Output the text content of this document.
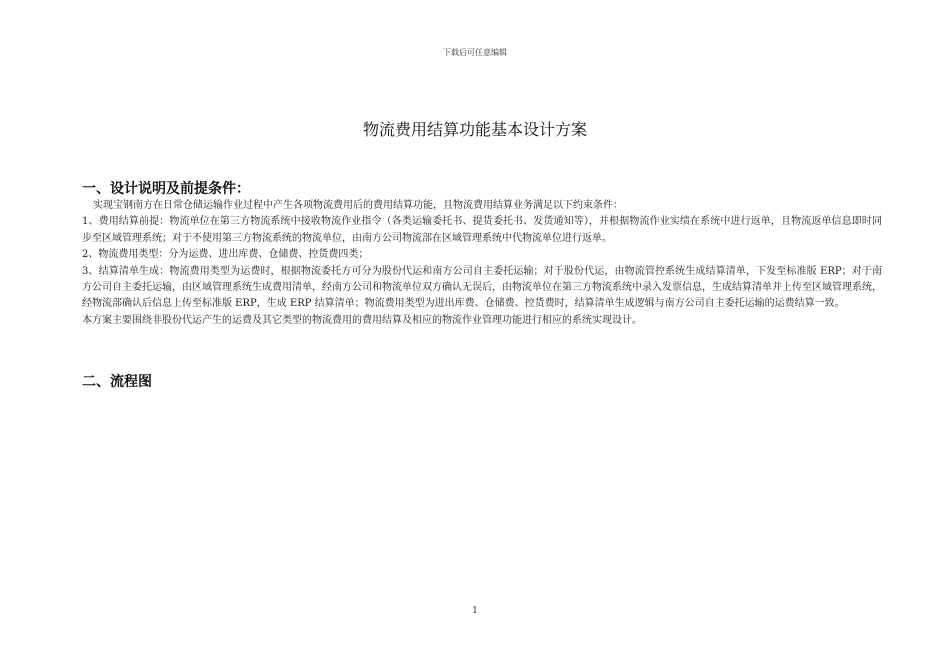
下载后可任意编辑
物流费用结算功能基本设计方案
一、设计说明及前提条件：

实现宝钢南方在日常仓储运输作业过程中产生各项物流费用后的费用结算功能，且物流费用结算业务满足以下约束条件：

1、费用结算前提：物流单位在第三方物流系统中接收物流作业指令（各类运输委托书、提货委托书、发货通知等），并根据物流作业实绩在系统中进行返单，且物流返单信息即时同步至区域管理系统；对于不使用第三方物流系统的物流单位，由南方公司物流部在区域管理系统中代物流单位进行返单。

2、物流费用类型：分为运费、进出库费、仓储费、控货费四类；

3、结算清单生成：物流费用类型为运费时，根据物流委托方可分为股份代运和南方公司自主委托运输；对于股份代运，由物流管控系统生成结算清单，下发至标准版 ERP；对于南方公司自主委托运输，由区域管理系统生成费用清单，经南方公司和物流单位双方确认无误后，由物流单位在第三方物流系统中录入发票信息，生成结算清单并上传至区域管理系统，经物流部确认后信息上传至标准版 ERP，生成 ERP 结算清单；物流费用类型为进出库费、仓储费、控货费时，结算清单生成逻辑与南方公司自主委托运输的运费结算一致。

本方案主要围绕非股份代运产生的运费及其它类型的物流费用的费用结算及相应的物流作业管理功能进行相应的系统实现设计。

二、流程图
1
